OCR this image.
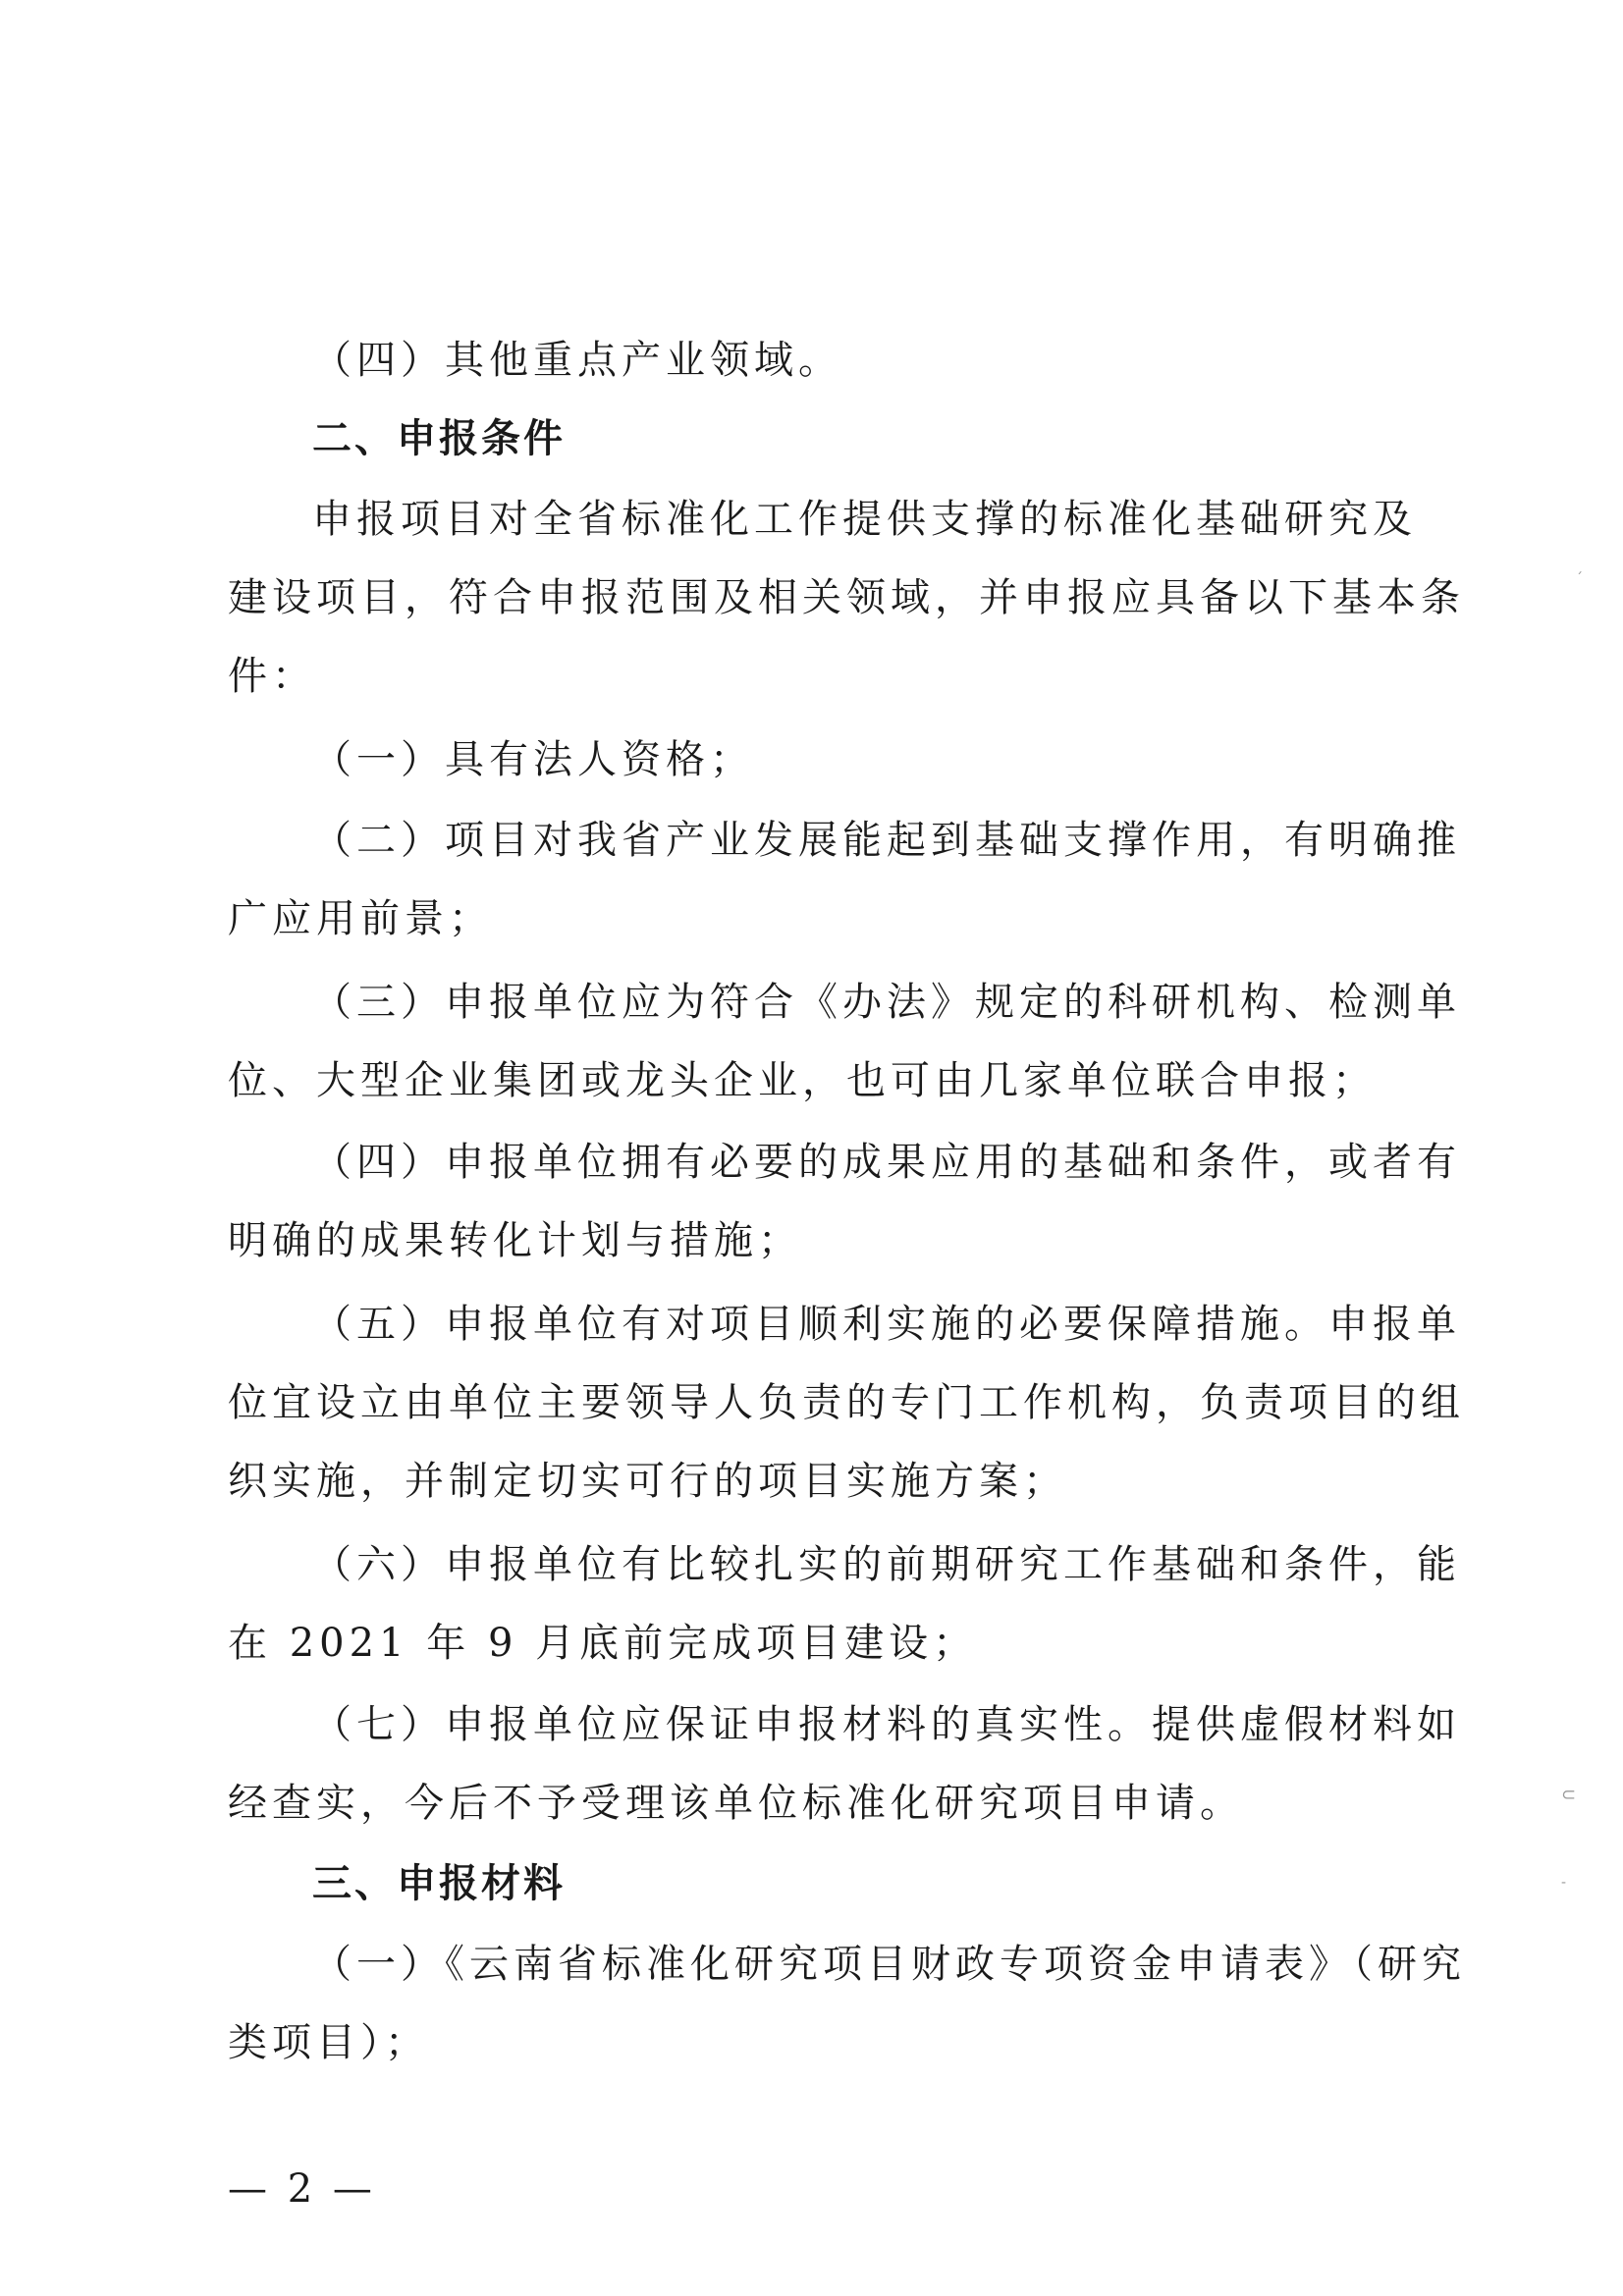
（四）其他重点产业领域。
二、申报条件
申报项目对全省标准化工作提供支撑的标准化基础研究及
建设项目，符合申报范围及相关领域，并申报应具备以下基本条
件：
（一）具有法人资格；
（二）项目对我省产业发展能起到基础支撑作用，有明确推
广应用前景；
（三）申报单位应为符合《办法》规定的科研机构、检测单
位、大型企业集团或龙头企业，也可由几家单位联合申报；
（四）申报单位拥有必要的成果应用的基础和条件，或者有
明确的成果转化计划与措施；
（五）申报单位有对项目顺利实施的必要保障措施。申报单
位宜设立由单位主要领导人负责的专门工作机构，负责项目的组
织实施，并制定切实可行的项目实施方案；
（六）申报单位有比较扎实的前期研究工作基础和条件，能
在 2021 年 9 月底前完成项目建设；
（七）申报单位应保证申报材料的真实性。提供虚假材料如
经查实，今后不予受理该单位标准化研究项目申请。
三、申报材料
（一）《云南省标准化研究项目财政专项资金申请表》（研究
类项目）；
— 2 —
ˊ
⊂
-
